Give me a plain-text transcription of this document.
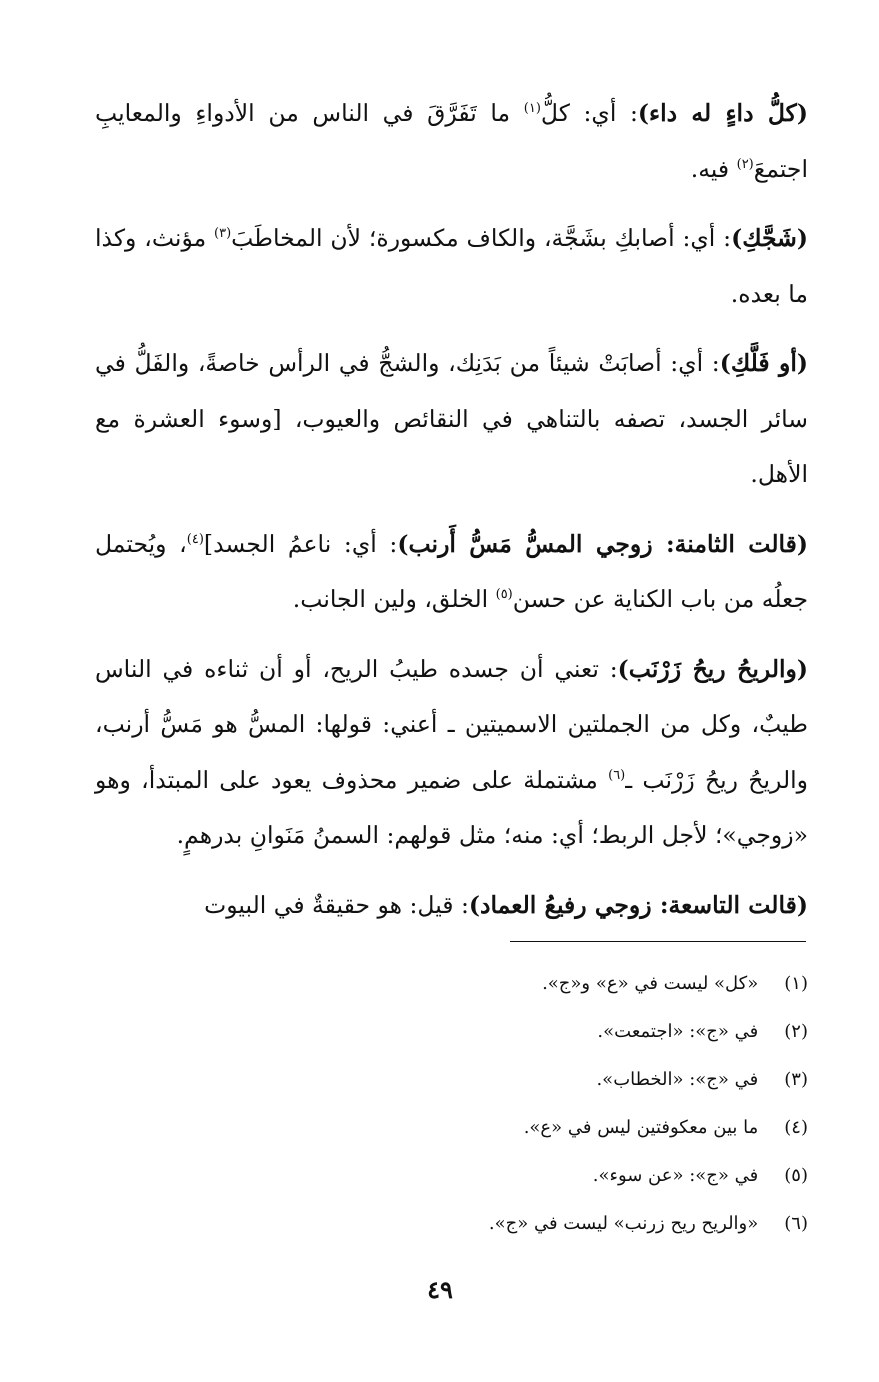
(كلُّ داءٍ له داء): أي: كلُّ$^{(١)}$ ما تَفَرَّقَ في الناس من الأدواءِ والمعايبِ اجتمعَ$^{(٢)}$ فيه.

(شَجَّكِ): أي: أصابكِ بشَجَّة، والكاف مكسورة؛ لأن المخاطَبَ$^{(٣)}$ مؤنث، وكذا ما بعده.

(أو فَلَّكِ): أي: أصابَتْ شيئاً من بَدَنِك، والشجُّ في الرأس خاصةً، والفَلُّ في سائر الجسد، تصفه بالتناهي في النقائص والعيوب، [وسوء العشرة مع الأهل.

(قالت الثامنة: زوجي المسُّ مَسُّ أَرنب): أي: ناعمُ الجسد]$^{(٤)}$، ويُحتمل جعلُه من باب الكناية عن حسن$^{(٥)}$ الخلق، ولين الجانب.

(والريحُ ريحُ زَرْنَب): تعني أن جسده طيبُ الريح، أو أن ثناءه في الناس طيبٌ، وكل من الجملتين الاسميتين ـ أعني: قولها: المسُّ هو مَسُّ أرنب، والريحُ ريحُ زَرْنَب ـ$^{(٦)}$ مشتملة على ضمير محذوف يعود على المبتدأ، وهو «زوجي»؛ لأجل الربط؛ أي: منه؛ مثل قولهم: السمنُ مَنَوانِ بدرهمٍ.

(قالت التاسعة: زوجي رفيعُ العماد): قيل: هو حقيقةٌ في البيوت

(١) «كل» ليست في «ع» و«ج».
(٢) في «ج»: «اجتمعت».
(٣) في «ج»: «الخطاب».
(٤) ما بين معكوفتين ليس في «ع».
(٥) في «ج»: «عن سوء».
(٦) «والريح ريح زرنب» ليست في «ج».
٤٩
